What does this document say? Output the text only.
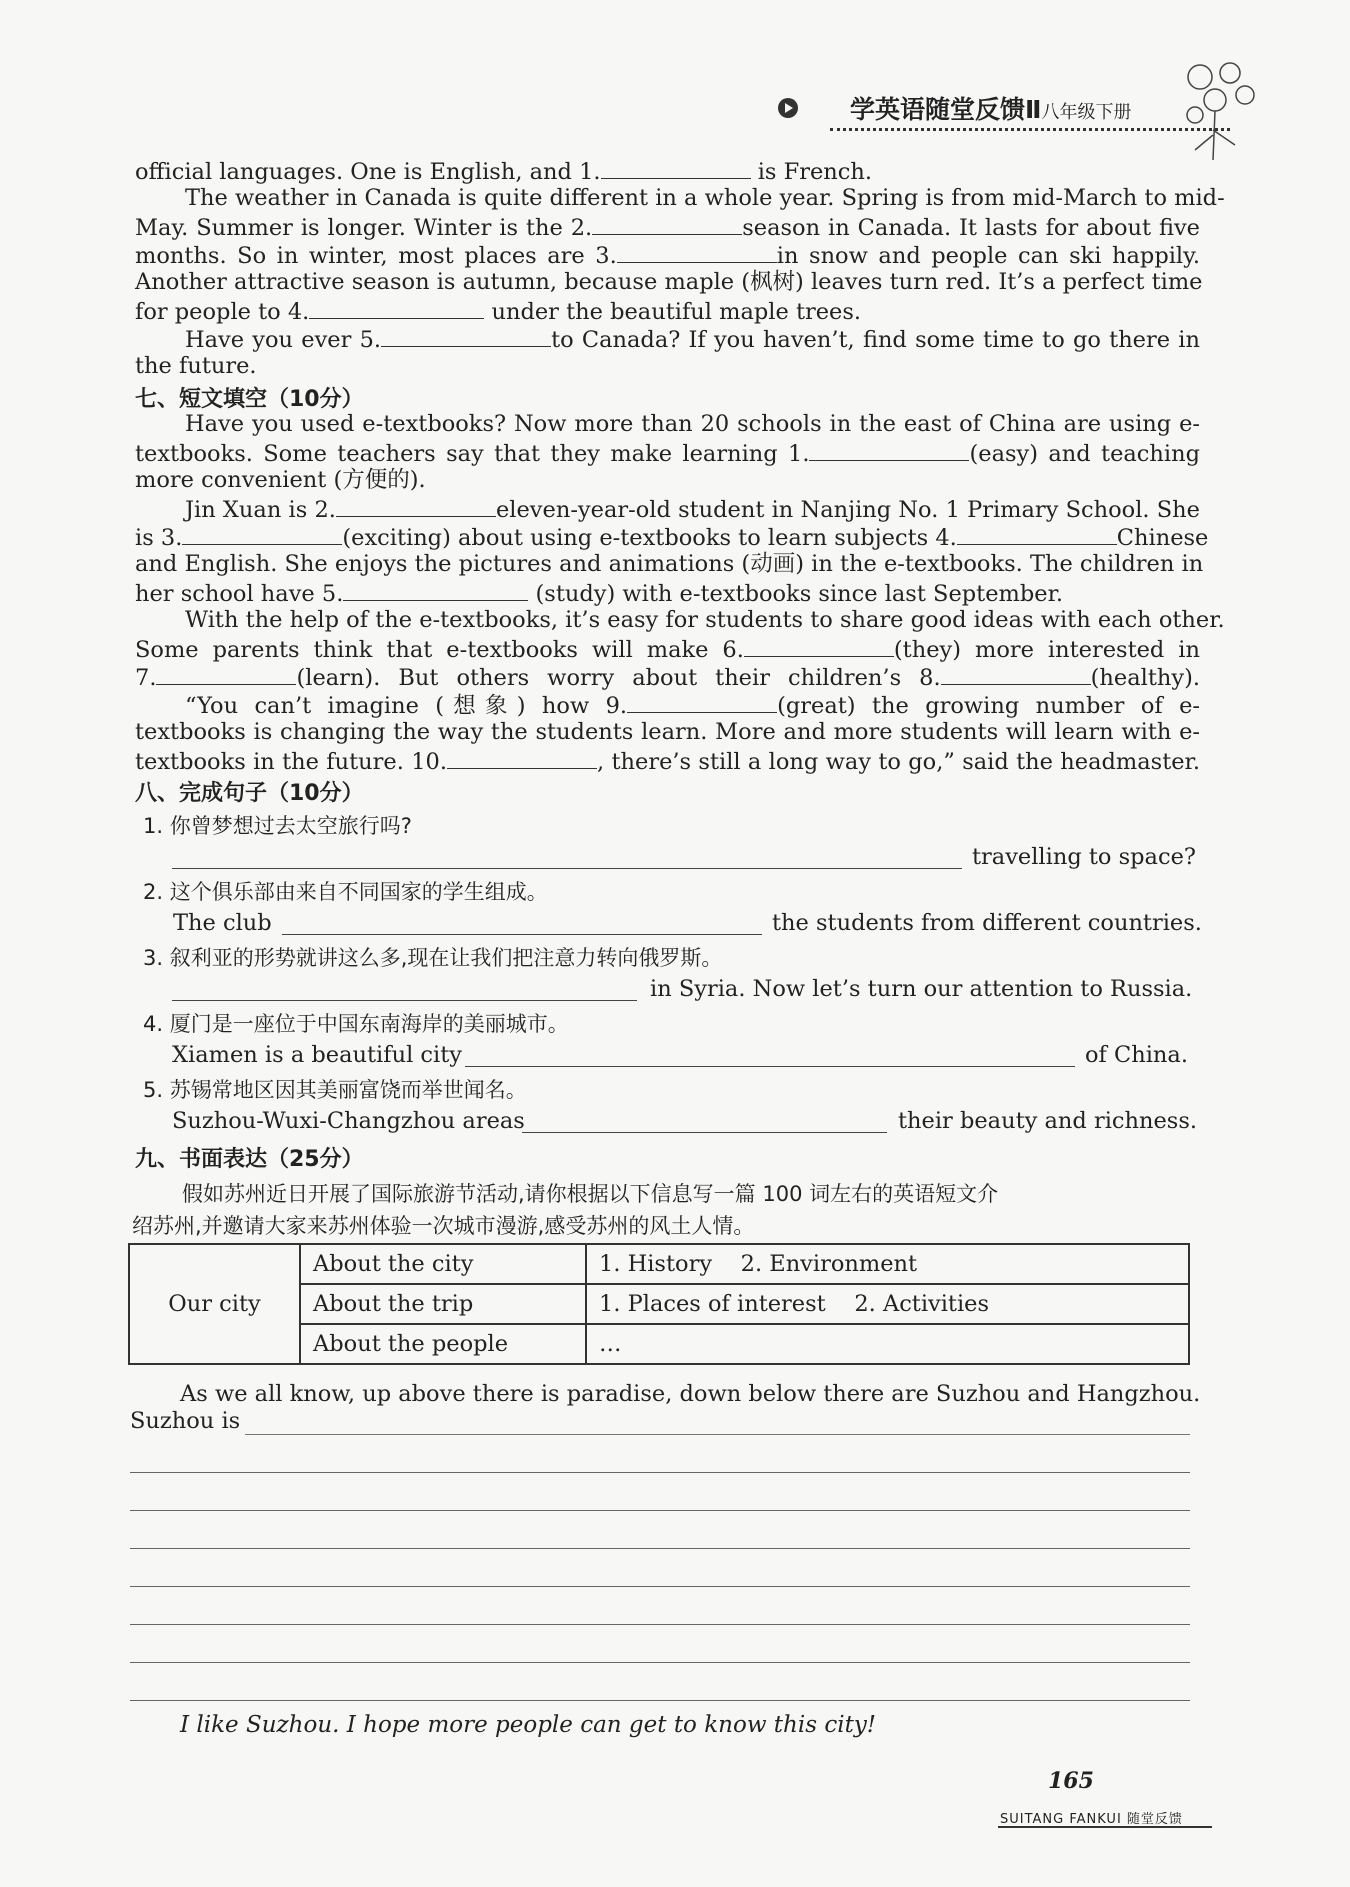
学英语随堂反馈Ⅱ八年级下册
official languages. One is English, and 1.	is French.
The weather in Canada is quite different in a whole year. Spring is from mid-March to mid-
May. Summer is longer. Winter is the 2.	season in Canada. It lasts for about five
months. So in winter, most places are 3.	in snow and people can ski happily.
Another attractive season is autumn, because maple (枫树) leaves turn red. It’s a perfect time
for people to 4.	under the beautiful maple trees.
Have you ever 5.	to Canada? If you haven’t, find some time to go there in
the future.
七、短文填空（10分）
Have you used e-textbooks? Now more than 20 schools in the east of China are using e-
textbooks. Some teachers say that they make learning 1.	(easy) and teaching
more convenient (方便的).
Jin Xuan is 2.	eleven-year-old student in Nanjing No. 1 Primary School. She
is 3.	(exciting) about using e-textbooks to learn subjects 4.	Chinese
and English. She enjoys the pictures and animations (动画) in the e-textbooks. The children in
her school have 5.	(study) with e-textbooks since last September.
With the help of the e-textbooks, it’s easy for students to share good ideas with each other.
Some parents think that e-textbooks will make 6.	(they) more interested in
7.	(learn). But others worry about their children’s 8.	(healthy).
“You can’t imagine (想象) how 9.	(great) the growing number of e-
textbooks is changing the way the students learn. More and more students will learn with e-
textbooks in the future. 10.	, there’s still a long way to go,” said the headmaster.
八、完成句子（10分）
1. 你曾梦想过去太空旅行吗?
travelling to space?
2. 这个俱乐部由来自不同国家的学生组成。
The club	the students from different countries.
3. 叙利亚的形势就讲这么多,现在让我们把注意力转向俄罗斯。
in Syria. Now let’s turn our attention to Russia.
4. 厦门是一座位于中国东南海岸的美丽城市。
Xiamen is a beautiful city	of China.
5. 苏锡常地区因其美丽富饶而举世闻名。
Suzhou-Wuxi-Changzhou areas	their beauty and richness.
九、书面表达（25分）
假如苏州近日开展了国际旅游节活动,请你根据以下信息写一篇 100 词左右的英语短文介
绍苏州,并邀请大家来苏州体验一次城市漫游,感受苏州的风土人情。
Our city	About the city	1. History    2. Environment
	About the trip	1. Places of interest    2. Activities
	About the people	…
As we all know, up above there is paradise, down below there are Suzhou and Hangzhou.
Suzhou is
I like Suzhou. I hope more people can get to know this city!
165
SUITANG FANKUI 随堂反馈
